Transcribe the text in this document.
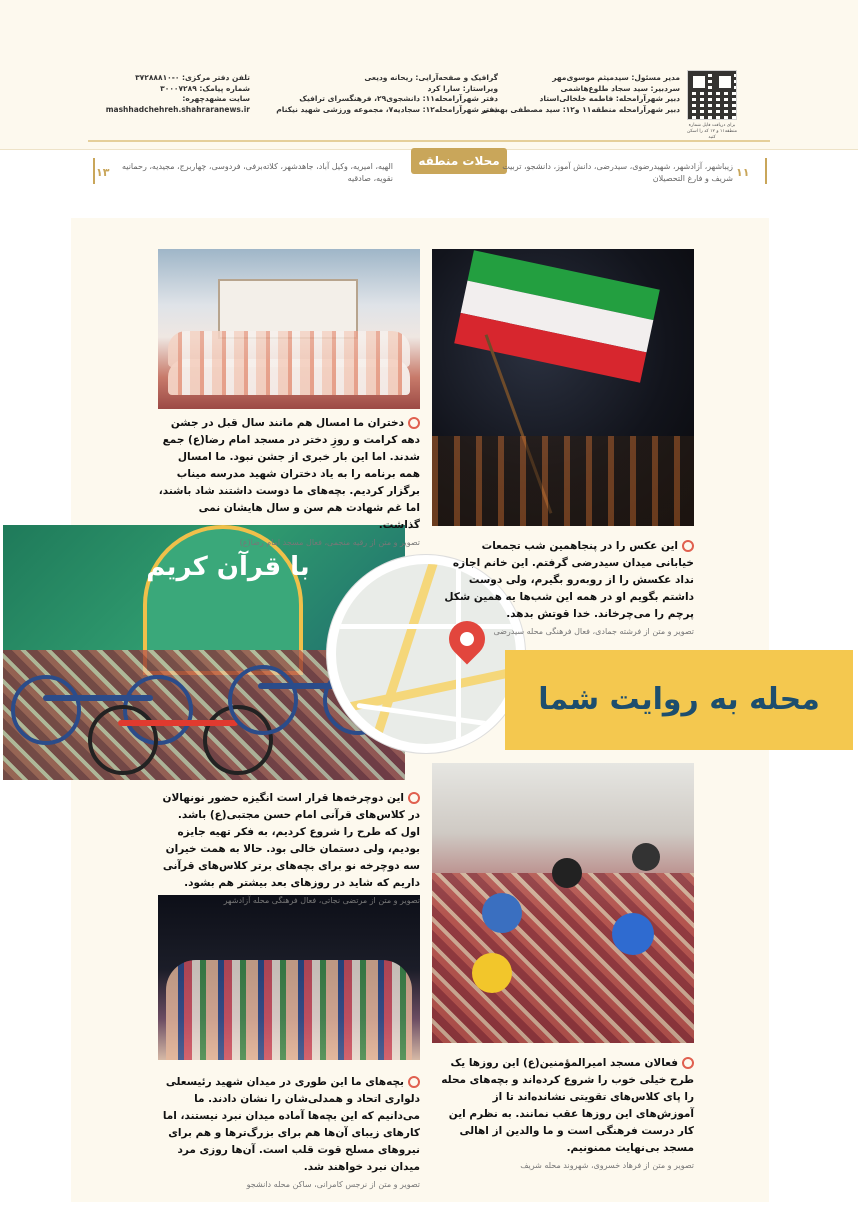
برای دریافت فایل شماره منطقه۱۱ و ۱۲ کد را اسکن کنید
مدیر مسئول: سیدمیثم موسوی‌مهر
سردبیر: سید سجاد طلوع‌هاشمی
دبیر شهرآرامحله: فاطمه خلخالی‌استاد
دبیر شهرآرامحله منطقه۱۱ و۱۲: سید مصطفی بهشتی
گرافیک و صفحه‌آرایی: ریحانه ودیعی
ویراستار: سارا کرد
دفتر شهرآرامحله۱۱: دانشجوی۲۹، فرهنگسرای ترافیک
دفتر شهرآرامحله۱۲: سجادیه۷، مجموعه ورزشی شهید نیکنام
تلفن دفتر مرکزی: ۰-۳۷۲۸۸۸۱۰
شماره پیامک: ۳۰۰۰۷۲۸۹
سایت مشهدچهره:
mashhadchehreh.shahraranews.ir
محلات منطقه ما
۱۳	۱۱
زیباشهر، آزادشهر، شهیدرضوی، سیدرضی، دانش آموز، دانشجو، تربیت
شریف و فارغ التحصیلان
الهیه، امیریه، وکیل آباد، جاهدشهر، کلاته‌برفی، فردوسی، چهاربرج، مجیدیه، رحمانیه
نقویه، صادقیه
با قرآن کریم
محله به روایت شما
دختران ما امسال هم مانند سال قبل در جشن دهه کرامت و روزِ دختر در مسجد امام رضا(ع) جمع شدند. اما این بار خبری از جشن نبود. ما امسال همه برنامه را به یاد دختران شهید مدرسه میناب برگزار کردیم. بچه‌های ما دوست داشتند شاد باشند، اما غم شهادت هم سن و سال هایشان نمی گذاشت.
تصویر و متن از رقیه منجمی، فعال مسجد امام رضا(ع)	این عکس را در پنجاهمین شب تجمعات خیابانی میدان سیدرضی گرفتم. این خانم اجازه نداد عکسش را از روبه‌رو بگیرم، ولی دوست داشتم بگویم او در همه این شب‌ها به همین شکل پرچم را می‌چرخاند. خدا قوتش بدهد.
تصویر و متن از فرشته جمادی، فعال فرهنگی محله سیدرضی
این دوچرخه‌ها قرار است انگیزه حضور نونهالان در کلاس‌های قرآنی امام حسن مجتبی(ع) باشد. اول که طرح را شروع کردیم، به فکر تهیه جایزه بودیم، ولی دستمان خالی بود. حالا به همت خیران سه دوچرخه نو برای بچه‌های برتر کلاس‌های قرآنی داریم که شاید در روزهای بعد بیشتر هم بشود.
تصویر و متن از مرتضی نجاتی، فعال فرهنگی محله آزادشهر
فعالان مسجد امیرالمؤمنین(ع) این روزها یک طرح خیلی خوب را شروع کرده‌اند و بچه‌های محله را پای کلاس‌های تقویتی نشانده‌اند تا از آموزش‌های این روزها عقب نمانند. به نظرم این کار درست فرهنگی است و ما والدین از اهالی مسجد بی‌نهایت ممنونیم.
تصویر و متن از فرهاد خسروی، شهروند محله شریف
بچه‌های ما این طوری در میدان شهید رئیسعلی دلواری اتحاد و همدلی‌شان را نشان دادند. ما می‌دانیم که این بچه‌ها آماده میدان نبرد نیستند، اما کارهای زیبای آن‌ها هم برای بزرگ‌ترها و هم برای نیروهای مسلح قوت قلب است. آن‌ها روزی مرد میدان نبرد خواهند شد.
تصویر و متن از نرجس کامرانی، ساکن محله دانشجو
